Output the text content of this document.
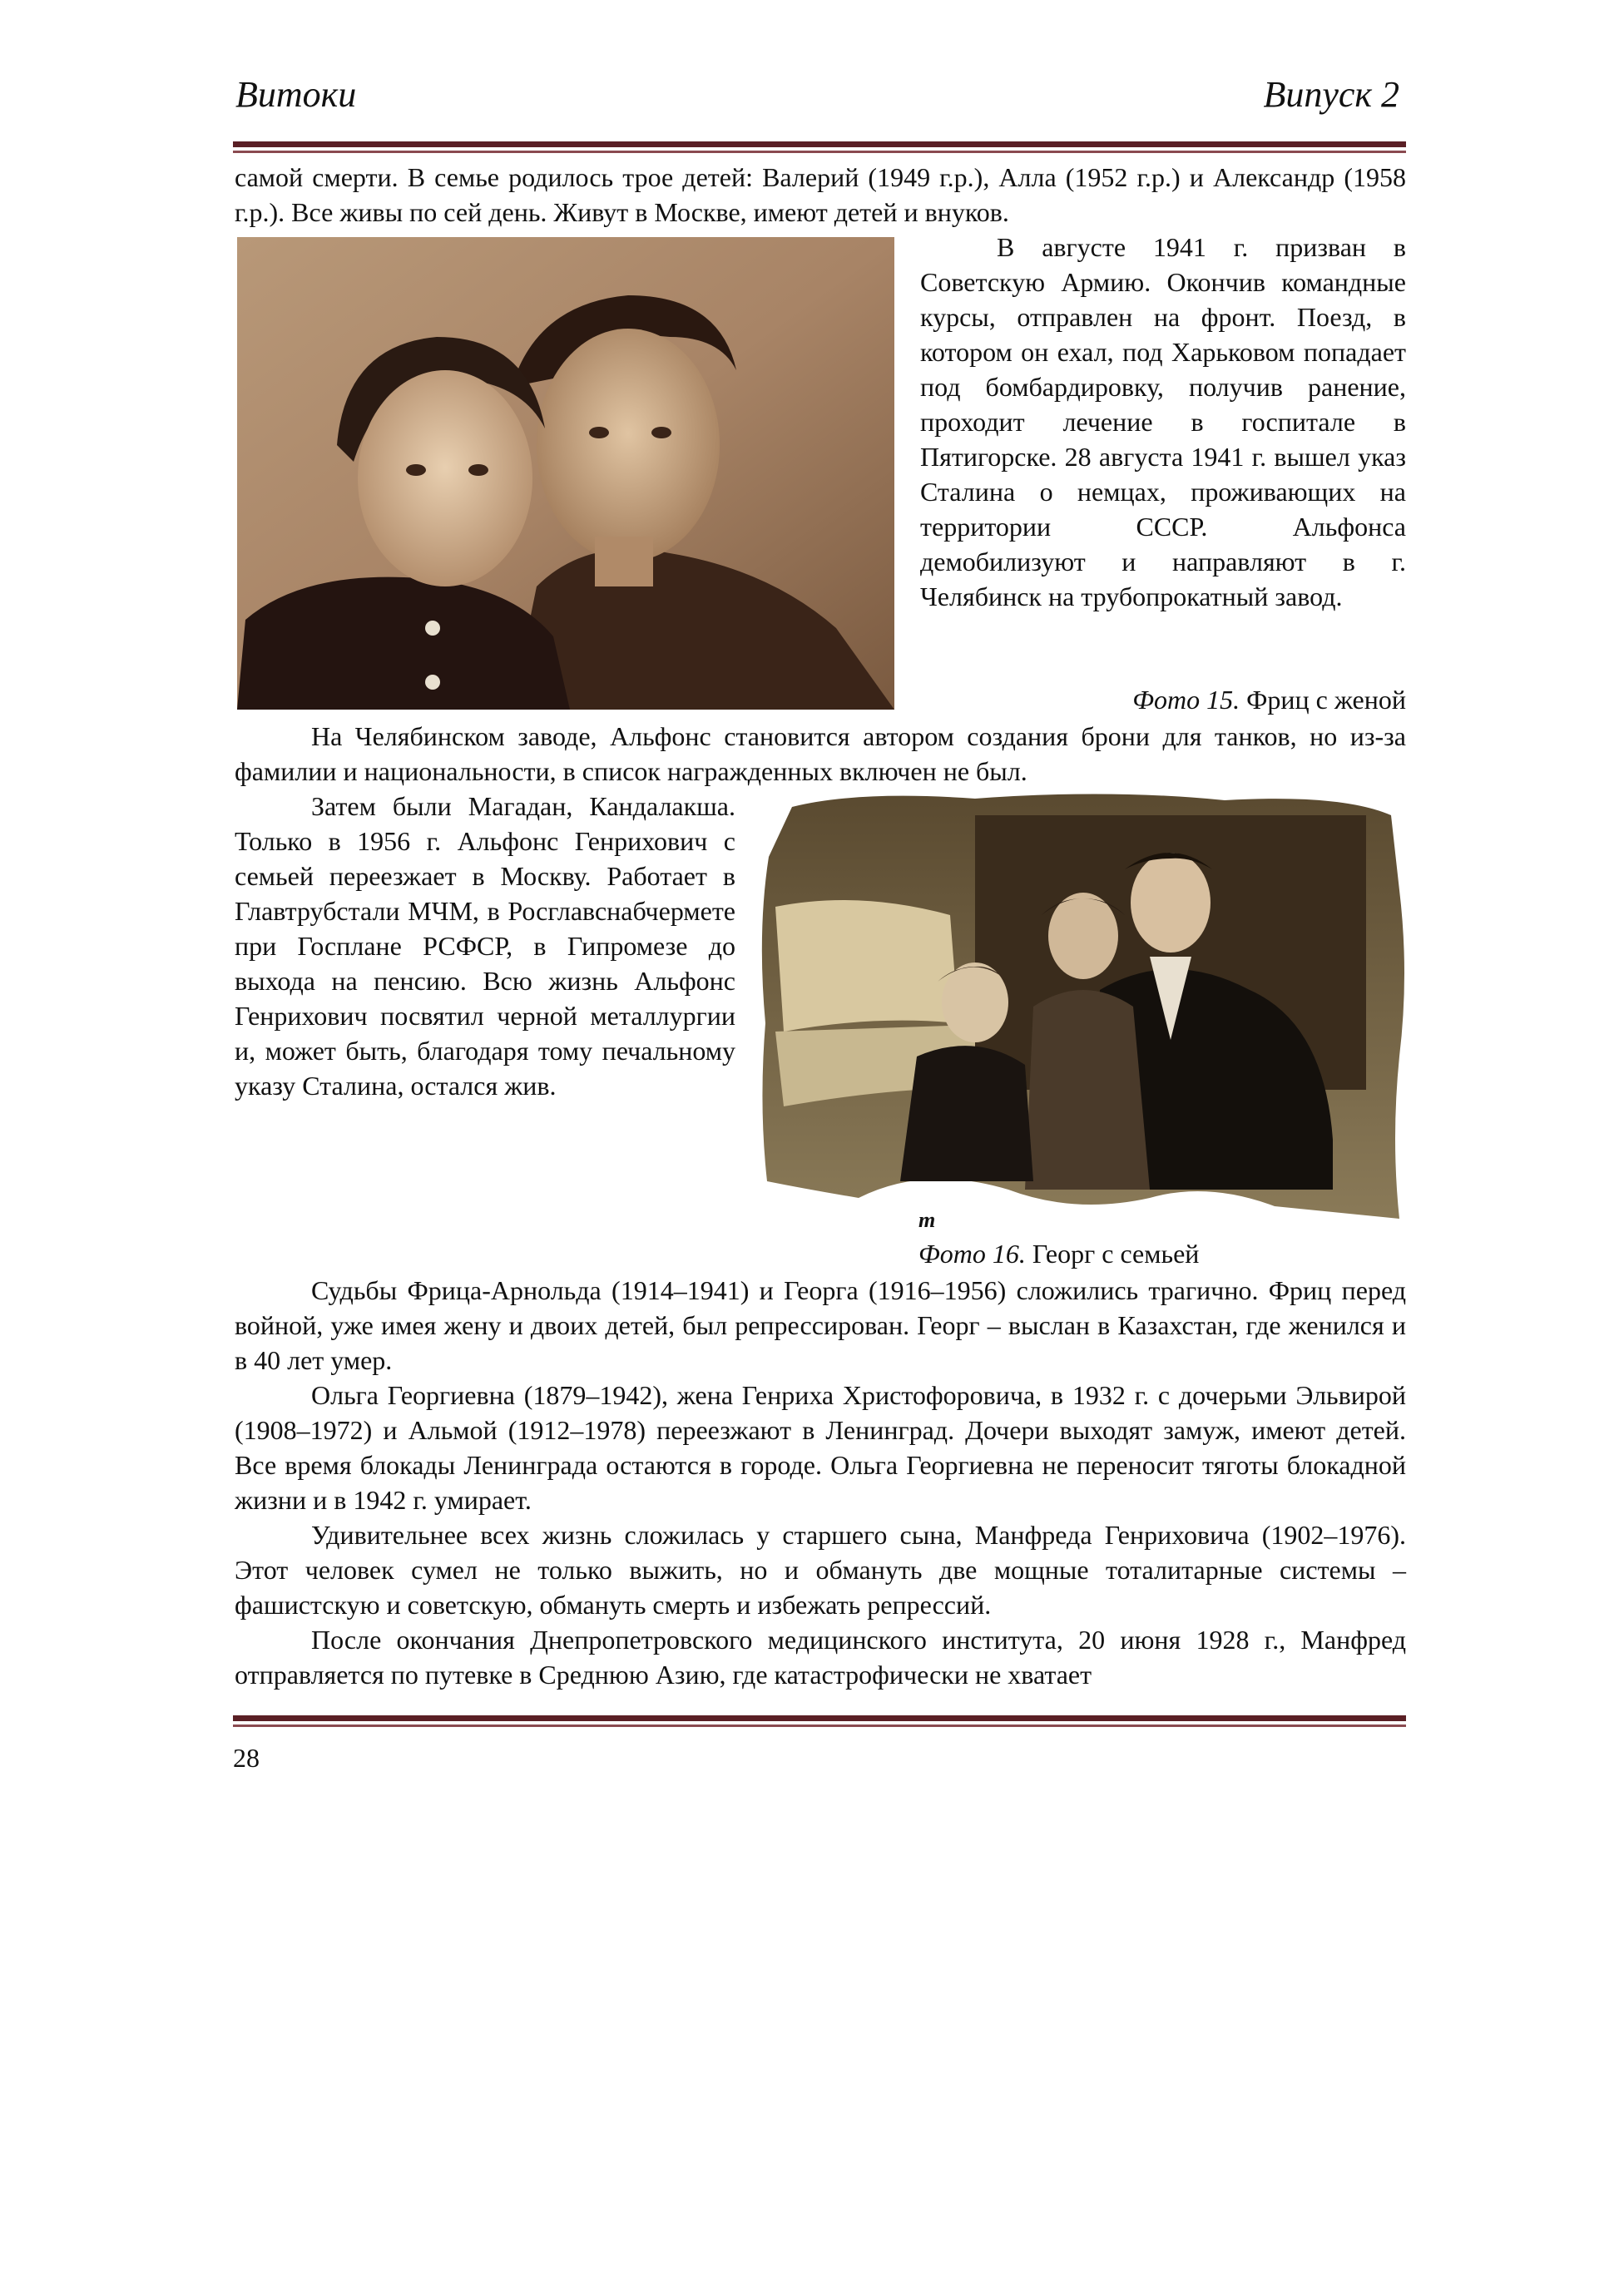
Витоки	Випуск 2

самой смерти. В семье родилось трое детей: Валерий (1949 г.р.), Алла (1952 г.р.) и Александр (1958 г.р.). Все живы по сей день. Живут в Москве, имеют детей и внуков.

В августе 1941 г. призван в Советскую Армию. Окончив командные курсы, отправлен на фронт. Поезд, в котором он ехал, под Харьковом попадает под бомбардировку, получив ранение, проходит лечение в госпитале в Пятигорске. 28 августа 1941 г. вышел указ Сталина о немцах, проживающих на территории СССР. Альфонса демобилизуют и направляют в г. Челябинск на трубопрокатный завод.

Фото 15. Фриц с женой

На Челябинском заводе, Альфонс становится автором создания брони для танков, но из-за фамилии и национальности, в список награжденных включен не был.

Затем были Магадан, Кандалакша. Только в 1956 г. Альфонс Генрихович с семьей переезжает в Москву. Работает в Главтрубстали МЧМ, в Росглавснабчермете при Госплане РСФСР, в Гипромезе до выхода на пенсию. Всю жизнь Альфонс Генрихович посвятил черной металлургии и, может быть, благодаря тому печальному указу Сталина, остался жив.

m
Фото 16. Георг с семьей

Судьбы Фрица-Арнольда (1914–1941) и Георга (1916–1956) сложились трагично. Фриц перед войной, уже имея жену и двоих детей, был репрессирован. Георг – выслан в Казахстан, где женился и в 40 лет умер.

Ольга Георгиевна (1879–1942), жена Генриха Христофоровича, в 1932 г. с дочерьми Эльвирой (1908–1972) и Альмой (1912–1978) переезжают в Ленинград. Дочери выходят замуж, имеют детей. Все время блокады Ленинграда остаются в городе. Ольга Георгиевна не переносит тяготы блокадной жизни и в 1942 г. умирает.

Удивительнее всех жизнь сложилась у старшего сына, Манфреда Генриховича (1902–1976). Этот человек сумел не только выжить, но и обмануть две мощные тоталитарные системы – фашистскую и советскую, обмануть смерть и избежать репрессий.

После окончания Днепропетровского медицинского института, 20 июня 1928 г., Манфред отправляется по путевке в Среднюю Азию, где катастрофически не хватает

28
